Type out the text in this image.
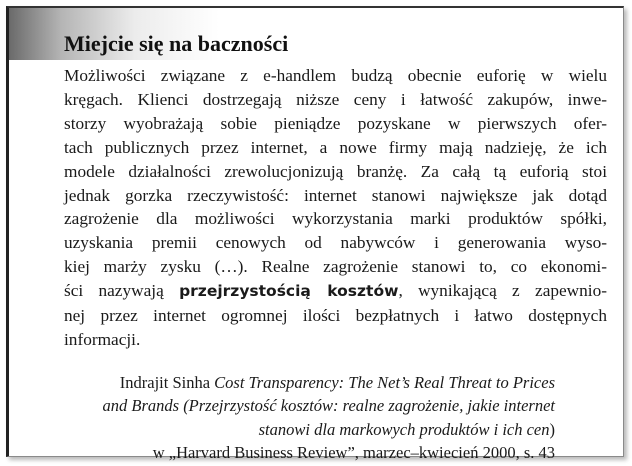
Miejcie się na baczności
Możliwości związane z e-handlem budzą obecnie euforię w wielu
kręgach. Klienci dostrzegają niższe ceny i łatwość zakupów, inwe-
storzy wyobrażają sobie pieniądze pozyskane w pierwszych ofer-
tach publicznych przez internet, a nowe firmy mają nadzieję, że ich
modele działalności zrewolucjonizują branżę. Za całą tą euforią stoi
jednak gorzka rzeczywistość: internet stanowi największe jak dotąd
zagrożenie dla możliwości wykorzystania marki produktów spółki,
uzyskania premii cenowych od nabywców i generowania wyso-
kiej marży zysku (…). Realne zagrożenie stanowi to, co ekonomi-
ści nazywają przejrzystością kosztów, wynikającą z zapewnio-
nej przez internet ogromnej ilości bezpłatnych i łatwo dostępnych
informacji.
Indrajit Sinha Cost Transparency: The Net’s Real Threat to Prices
and Brands (Przejrzystość kosztów: realne zagrożenie, jakie internet
stanowi dla markowych produktów i ich cen)
w „Harvard Business Review”, marzec–kwiecień 2000, s. 43
